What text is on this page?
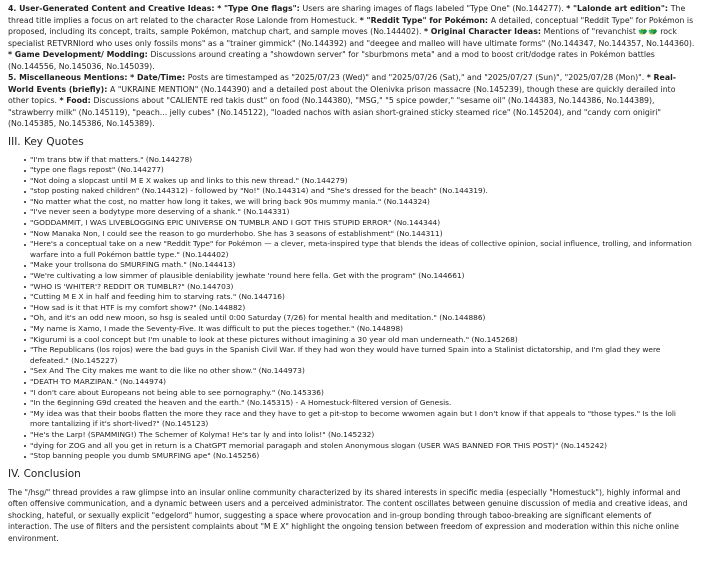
4. User-Generated Content and Creative Ideas: * "Type One flags": Users are sharing images of flags labeled "Type One" (No.144277). * "Lalonde art edition": The thread title implies a focus on art related to the character Rose Lalonde from Homestuck. * "Reddit Type" for Pokémon: A detailed, conceptual "Reddit Type" for Pokémon is proposed, including its concept, traits, sample Pokémon, matchup chart, and sample moves (No.144402). * Original Character Ideas: Mentions of "revanchist 🐲🐲 rock specialist RETVRNlord who uses only fossils mons" as a "trainer gimmick" (No.144392) and "deegee and malleo will have ultimate forms" (No.144347, No.144357, No.144360). * Game Development/ Modding: Discussions around creating a "showdown server" for "sburbmons meta" and a mod to boost crit/dodge rates in Pokémon battles (No.144556, No.145036, No.145039).

5. Miscellaneous Mentions: * Date/Time: Posts are timestamped as "2025/07/23 (Wed)" and "2025/07/26 (Sat)," and "2025/07/27 (Sun)", "2025/07/28 (Mon)". * Real-World Events (briefly): A "UKRAINE MENTION" (No.144390) and a detailed post about the Olenivka prison massacre (No.145239), though these are quickly derailed into other topics. * Food: Discussions about "CALIENTE red takis dust" on food (No.144380), "MSG," "5 spice powder," "sesame oil" (No.144383, No.144386, No.144389), "strawberry milk" (No.145119), "peach... jelly cubes" (No.145122), "loaded nachos with asian short-grained sticky steamed rice" (No.145204), and "candy corn onigiri" (No.145385, No.145386, No.145389).

III. Key Quotes
"I'm trans btw if that matters." (No.144278)
"type one flags repost" (No.144277)
"Not doing a slopcast until M E X wakes up and links to this new thread." (No.144279)
"stop posting naked children" (No.144312) - followed by "No!" (No.144314) and "She's dressed for the beach" (No.144319).
"No matter what the cost, no matter how long it takes, we will bring back 90s mummy mania." (No.144324)
"I've never seen a bodytype more deserving of a shank." (No.144331)
"GODDAMMIT, I WAS LIVEBLOGGING EPIC UNIVERSE ON TUMBLR AND I GOT THIS STUPID ERROR" (No.144344)
"Now Manaka Non, I could see the reason to go murderhobo. She has 3 seasons of establishment" (No.144311)
"Here's a conceptual take on a new "Reddit Type" for Pokémon — a clever, meta-inspired type that blends the ideas of collective opinion, social influence, trolling, and information warfare into a full Pokémon battle type." (No.144402)
"Make your trollsona do SMURFING math." (No.144413)
"We're cultivating a low simmer of plausible deniability jewhate 'round here fella. Get with the program" (No.144661)
"WHO IS 'WHITER'? REDDIT OR TUMBLR?" (No.144703)
"Cutting M E X in half and feeding him to starving rats." (No.144716)
"How sad is it that HTF is my comfort show?" (No.144882)
"Oh, and it's an odd new moon, so hsg is sealed until 0:00 Saturday (7/26) for mental health and meditation." (No.144886)
"My name is Xamo, I made the Seventy-Five. It was difficult to put the pieces together." (No.144898)
"Kigurumi is a cool concept but I'm unable to look at these pictures without imagining a 30 year old man underneath." (No.145268)
"The Republicans (los rojos) were the bad guys in the Spanish Civil War. If they had won they would have turned Spain into a Stalinist dictatorship, and I'm glad they were defeated." (No.145227)
"Sex And The City makes me want to die like no other show." (No.144973)
"DEATH TO MARZIPAN." (No.144974)
"I don't care about Europeans not being able to see pornography." (No.145336)
"In the 6eginning G9d created the heaven and the earth." (No.145315) - A Homestuck-filtered version of Genesis.
"My idea was that their boobs flatten the more they race and they have to get a pit-stop to become wwomen again but I don't know if that appeals to "those types." Is the loli more tantalizing if it's short-lived?" (No.145123)
"He's the Larp! (SPAMMING!) The Schemer of Kolyma! He's tar ly and into lolis!" (No.145232)
"dying for ZOG and all you get in return is a ChatGPT memorial paragaph and stolen Anonymous slogan (USER WAS BANNED FOR THIS POST)" (No.145242)
"Stop banning people you dumb SMURFING ape" (No.145256)
IV. Conclusion

The "/hsg/" thread provides a raw glimpse into an insular online community characterized by its shared interests in specific media (especially "Homestuck"), highly informal and often offensive communication, and a dynamic between users and a perceived administrator. The content oscillates between genuine discussion of media and creative ideas, and shocking, hateful, or sexually explicit "edgelord" humor, suggesting a space where provocation and in-group bonding through taboo-breaking are significant elements of interaction. The use of filters and the persistent complaints about "M E X" highlight the ongoing tension between freedom of expression and moderation within this niche online environment.
